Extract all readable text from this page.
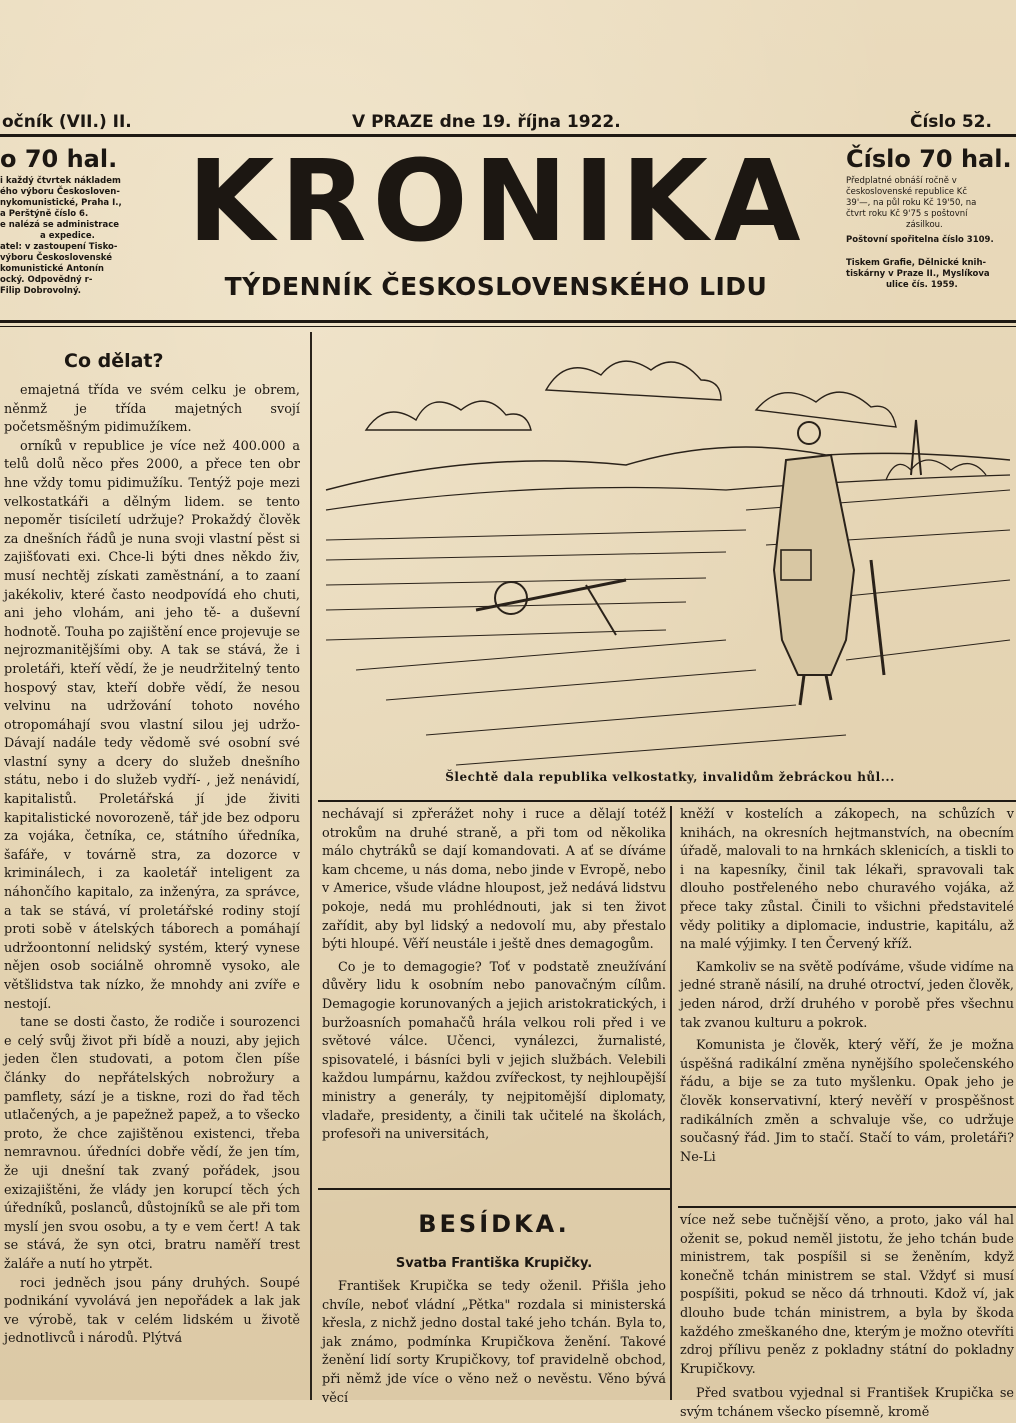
očník (VII.) II.	V PRAZE dne 19. října 1922.	Číslo 52.
o 70 hal.
i každý čtvrtek nákladem
ého výboru Českosloven-
nykomunistické, Praha I.,
a Perštýně číslo 6.
e nalézá se administrace
a expedice.
atel: v zastoupení Tisko-
výboru Československé
komunistické Antonín
ocký. Odpovědný r-
Filip Dobrovolný.
KRONIKA
TÝDENNÍK ČESKOSLOVENSKÉHO LIDU
Číslo 70 hal.
Předplatné obnáší ročně v
československé republice Kč
39'—, na půl roku Kč 19'50, na
čtvrt roku Kč 9'75 s poštovní
zásilkou.
Poštovní spořitelna číslo 3109.
Tiskem Grafie, Dělnické knih-
tiskárny v Praze II., Myslíkova
ulice čís. 1959.
Co dělat?

emajetná třída ve svém celku je obrem, něnmž je třída majetných svojí početsměšným pidimužíkem.

orníků v republice je více než 400.000 a telů dolů něco přes 2000, a přece ten obr hne vždy tomu pidimužíku. Tentýž poje mezi velkostatkáři a dělným lidem. se tento nepoměr tisíciletí udržuje? Prokaždý člověk za dnešních řádů je nuna svoji vlastní pěst si zajišťovati exi. Chce-li býti dnes někdo živ, musí nechtěj získati zaměstnání, a to zaaní jakékoliv, které často neodpovídá eho chuti, ani jeho vlohám, ani jeho tě- a duševní hodnotě. Touha po zajištění ence projevuje se nejrozmanitějšími oby. A tak se stává, že i proletáři, kteří vědí, že je neudržitelný tento hospový stav, kteří dobře vědí, že nesou velvinu na udržování tohoto nového otropomáhají svou vlastní silou jej udržo- Dávají nadále tedy vědomě své osobní své vlastní syny a dcery do služeb dnešního státu, nebo i do služeb vydří- , jež nenávidí, kapitalistů. Proletářská jí jde živiti kapitalistické novorozeně, tář jde bez odporu za vojáka, četníka, ce, státního úředníka, šafáře, v továrně stra, za dozorce v kriminálech, i za kaoletář inteligent za náhončího kapitalo, za inženýra, za správce, a tak se stává, ví proletářské rodiny stojí proti sobě v átelských táborech a pomáhají udržoontonní nelidský systém, který vynese nějen osob sociálně ohromně vysoko, ale většlidstva tak nízko, že mnohdy ani zvíře e nestojí.

tane se dosti často, že rodiče i sourozenci e celý svůj život při bídě a nouzi, aby jejich jeden člen studovati, a potom člen píše články do nepřátelských nobrožury a pamflety, sází je a tiskne, rozi do řad těch utlačených, a je papežnež papež, a to všecko proto, že chce zajištěnou existenci, třeba nemravnou. úředníci dobře vědí, že jen tím, že uji dnešní tak zvaný pořádek, jsou exizajištěni, že vlády jen korupcí těch ých úředníků, poslanců, důstojníků se ale při tom myslí jen svou osobu, a ty e vem čert! A tak se stává, že syn otci, bratru naměří trest žaláře a nutí ho ytrpět.

roci jedněch jsou pány druhých. Soupé podnikání vyvolává jen nepořádek a lak jak ve výrobě, tak v celém lidském u životě jednotlivců i národů. Plýtvá

Šlechtě dala republika velkostatky, invalidům žebráckou hůl...

nechávají si zpřerážet nohy i ruce a dělají totéž otrokům na druhé straně, a při tom od několika málo chytráků se dají komandovati. A ať se díváme kam chceme, u nás doma, nebo jinde v Evropě, nebo v Americe, všude vládne hloupost, jež nedává lidstvu pokoje, nedá mu prohlédnouti, jak si ten život zařídit, aby byl lidský a nedovolí mu, aby přestalo býti hloupé. Věří neustále i ještě dnes demagogům.

Co je to demagogie? Toť v podstatě zneužívání důvěry lidu k osobním nebo panovačným cílům. Demagogie korunovaných a jejich aristokratických, i buržoasních pomahačů hrála velkou roli před i ve světové válce. Učenci, vynálezci, žurnalisté, spisovatelé, i básníci byli v jejich službách. Velebili každou lumpárnu, každou zvířeckost, ty nejhloupější ministry a generály, ty nejpitomější diplomaty, vladaře, presidenty, a činili tak učitelé na školách, profesoři na universitách,

kněží v kostelích a zákopech, na schůzích v knihách, na okresních hejtmanstvích, na obecním úřadě, malovali to na hrnkách sklenicích, a tiskli to i na kapesníky, činil tak lékaři, spravovali tak dlouho postřeleného nebo churavého vojáka, až přece taky zůstal. Činili to všichni představitelé vědy politiky a diplomacie, industrie, kapitálu, až na malé výjimky. I ten Červený kříž.

Kamkoliv se na světě podíváme, všude vidíme na jedné straně násilí, na druhé otroctví, jeden člověk, jeden národ, drží druhého v porobě přes všechnu tak zvanou kulturu a pokrok.

Komunista je člověk, který věří, že je možna úspěšná radikální změna nynějšího společenského řádu, a bije se za tuto myšlenku. Opak jeho je člověk konservativní, který nevěří v prospěšnost radikálních změn a schvaluje vše, co udržuje současný řád. Jim to stačí. Stačí to vám, proletáři? Ne-Li

BESÍDKA.
Svatba Františka Krupičky.

František Krupička se tedy oženil. Přišla jeho chvíle, neboť vládní „Pětka" rozdala si ministerská křesla, z nichž jedno dostal také jeho tchán. Byla to, jak známo, podmínka Krupičkova ženění. Takové ženění lidí sorty Krupičkovy, tof pravidelně obchod, při němž jde více o věno než o nevěstu. Věno bývá věcí

více než sebe tučnější věno, a proto, jako vál hal oženit se, pokud neměl jistotu, že jeho tchán bude ministrem, tak pospíšil si se ženěním, když konečně tchán ministrem se stal. Vždyť si musí pospíšiti, pokud se něco dá trhnouti. Kdož ví, jak dlouho bude tchán ministrem, a byla by škoda každého zmeškaného dne, kterým je možno otevříti zdroj přílivu peněz z pokladny státní do pokladny Krupičkovy.

Před svatbou vyjednal si František Krupička se svým tchánem všecko písemně, kromě
